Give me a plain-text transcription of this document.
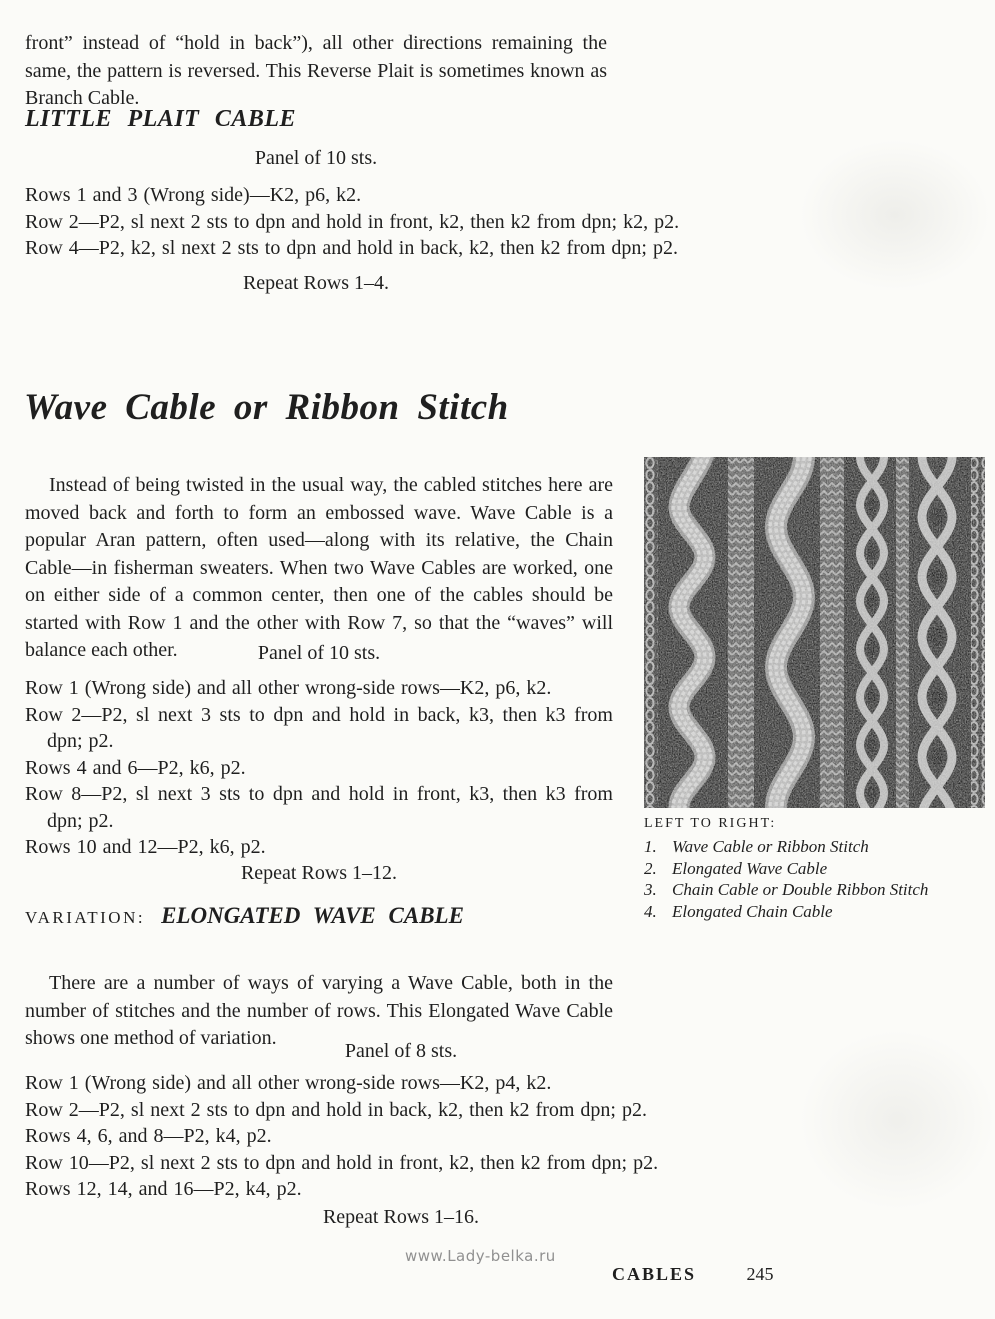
front” instead of “hold in back”), all other directions remaining the same, the pattern is reversed. This Reverse Plait is sometimes known as Branch Cable.

LITTLE PLAIT CABLE
Panel of 10 sts.
Rows 1 and 3 (Wrong side)—K2, p6, k2.
Row 2—P2, sl next 2 sts to dpn and hold in front, k2, then k2 from dpn; k2, p2.
Row 4—P2, k2, sl next 2 sts to dpn and hold in back, k2, then k2 from dpn; p2.
Repeat Rows 1–4.
Wave Cable or Ribbon Stitch

Instead of being twisted in the usual way, the cabled stitches here are moved back and forth to form an embossed wave. Wave Cable is a popular Aran pattern, often used—along with its relative, the Chain Cable—in fisherman sweaters. When two Wave Cables are worked, one on either side of a common center, then one of the cables should be started with Row 1 and the other with Row 7, so that the “waves” will balance each other.	Panel of 10 sts.
Row 1 (Wrong side) and all other wrong-side rows—K2, p6, k2.
Row 2—P2, sl next 3 sts to dpn and hold in back, k3, then k3 from dpn; p2.
Rows 4 and 6—P2, k6, p2.
Row 8—P2, sl next 3 sts to dpn and hold in front, k3, then k3 from dpn; p2.
Rows 10 and 12—P2, k6, p2.
Repeat Rows 1–12.
LEFT TO RIGHT:
1. Wave Cable or Ribbon Stitch
2. Elongated Wave Cable
3. Chain Cable or Double Ribbon Stitch
4. Elongated Chain Cable
VARIATION: ELONGATED WAVE CABLE

There are a number of ways of varying a Wave Cable, both in the number of stitches and the number of rows. This Elongated Wave Cable shows one method of variation.

Panel of 8 sts.
Row 1 (Wrong side) and all other wrong-side rows—K2, p4, k2.
Row 2—P2, sl next 2 sts to dpn and hold in back, k2, then k2 from dpn; p2.
Rows 4, 6, and 8—P2, k4, p2.
Row 10—P2, sl next 2 sts to dpn and hold in front, k2, then k2 from dpn; p2.
Rows 12, 14, and 16—P2, k4, p2.
Repeat Rows 1–16.
www.Lady-belka.ru
CABLES	245
